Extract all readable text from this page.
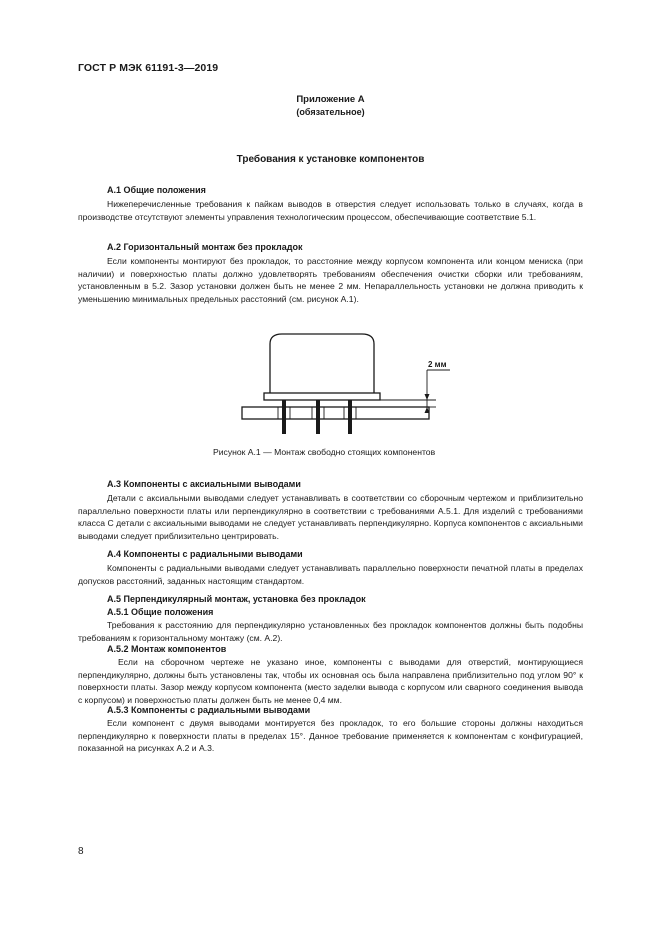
ГОСТ Р МЭК 61191-3—2019
Приложение А
(обязательное)
Требования к установке компонентов
А.1 Общие положения
Нижеперечисленные требования к пайкам выводов в отверстия следует использовать только в случаях, когда в производстве отсутствуют элементы управления технологическим процессом, обеспечивающие соответствие 5.1.
А.2 Горизонтальный монтаж без прокладок
Если компоненты монтируют без прокладок, то расстояние между корпусом компонента или концом мениска (при наличии) и поверхностью платы должно удовлетворять требованиям обеспечения очистки сборки или требованиям, установленным в 5.2. Зазор установки должен быть не менее 2 мм. Непараллельность установки не должна приводить к уменьшению минимальных предельных расстояний (см. рисунок А.1).
2 мм
Рисунок А.1 — Монтаж свободно стоящих компонентов
А.3 Компоненты с аксиальными выводами
Детали с аксиальными выводами следует устанавливать в соответствии со сборочным чертежом и приблизительно параллельно поверхности платы или перпендикулярно в соответствии с требованиями А.5.1. Для изделий с требованиями класса С детали с аксиальными выводами не следует устанавливать перпендикулярно. Корпуса компонентов с аксиальными выводами следует приблизительно центрировать.
А.4 Компоненты с радиальными выводами
Компоненты с радиальными выводами следует устанавливать параллельно поверхности печатной платы в пределах допусков расстояний, заданных настоящим стандартом.
А.5 Перпендикулярный монтаж, установка без прокладок
А.5.1 Общие положения
Требования к расстоянию для перпендикулярно установленных без прокладок компонентов должны быть подобны требованиям к горизонтальному монтажу (см. А.2).
А.5.2 Монтаж компонентов
Если на сборочном чертеже не указано иное, компоненты с выводами для отверстий, монтирующиеся перпендикулярно, должны быть установлены так, чтобы их основная ось была направлена приблизительно под углом 90° к поверхности платы. Зазор между корпусом компонента (место заделки вывода с корпусом или сварного соединения вывода с корпусом) и поверхностью платы должен быть не менее 0,4 мм.
А.5.3 Компоненты с радиальными выводами
Если компонент с двумя выводами монтируется без прокладок, то его большие стороны должны находиться перпендикулярно к поверхности платы в пределах 15°. Данное требование применяется к компонентам с конфигурацией, показанной на рисунках А.2 и А.3.
8
